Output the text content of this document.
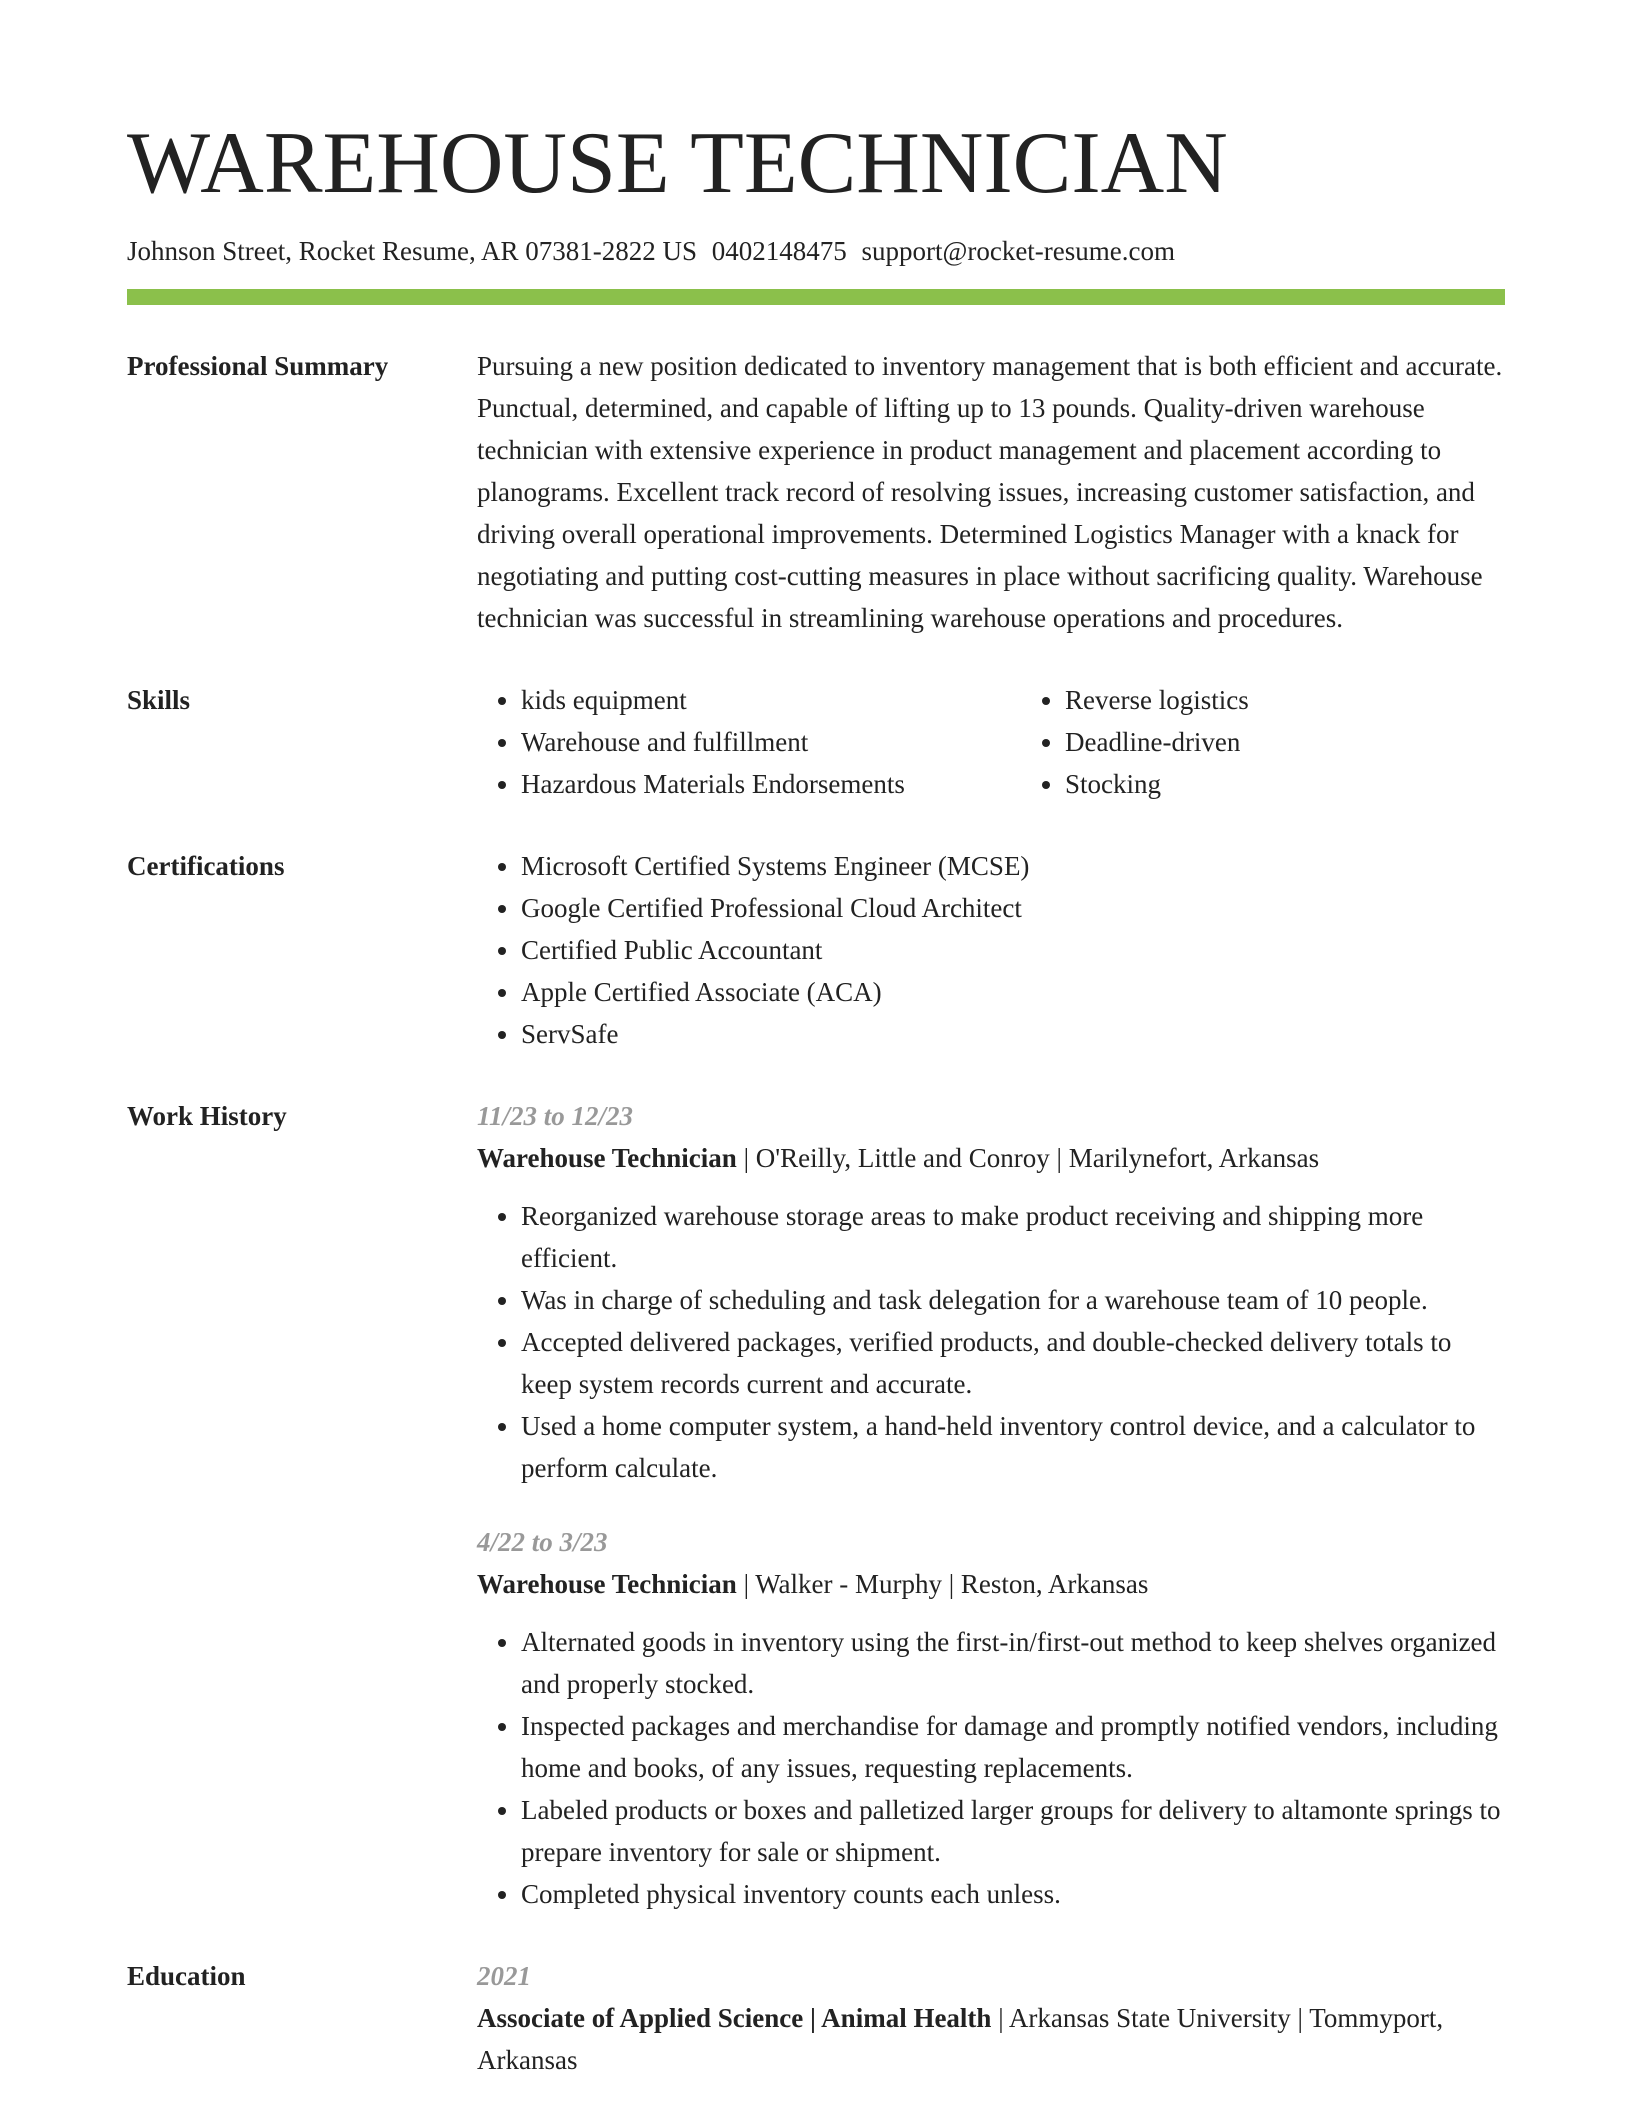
WAREHOUSE TECHNICIAN
Johnson Street, Rocket Resume, AR 07381-2822 US 0402148475 support@rocket-resume.com
Professional Summary	Pursuing a new position dedicated to inventory management that is both efficient and accurate. Punctual, determined, and capable of lifting up to 13 pounds. Quality-driven warehouse technician with extensive experience in product management and placement according to planograms. Excellent track record of resolving issues, increasing customer satisfaction, and driving overall operational improvements. Determined Logistics Manager with a knack for negotiating and putting cost-cutting measures in place without sacrificing quality. Warehouse technician was successful in streamlining warehouse operations and procedures.

Skills	• kids equipment
• Warehouse and fulfillment
• Hazardous Materials Endorsements
• Reverse logistics
• Deadline-driven
• Stocking
Certifications	• Microsoft Certified Systems Engineer (MCSE)
• Google Certified Professional Cloud Architect
• Certified Public Accountant
• Apple Certified Associate (ACA)
• ServSafe
Work History	11/23 to 12/23
Warehouse Technician | O'Reilly, Little and Conroy | Marilynefort, Arkansas
• Reorganized warehouse storage areas to make product receiving and shipping more efficient.
• Was in charge of scheduling and task delegation for a warehouse team of 10 people.
• Accepted delivered packages, verified products, and double-checked delivery totals to keep system records current and accurate.
• Used a home computer system, a hand-held inventory control device, and a calculator to perform calculate.
4/22 to 3/23
Warehouse Technician | Walker - Murphy | Reston, Arkansas
• Alternated goods in inventory using the first-in/first-out method to keep shelves organized and properly stocked.
• Inspected packages and merchandise for damage and promptly notified vendors, including home and books, of any issues, requesting replacements.
• Labeled products or boxes and palletized larger groups for delivery to altamonte springs to prepare inventory for sale or shipment.
• Completed physical inventory counts each unless.
Education	2021
Associate of Applied Science | Animal Health | Arkansas State University | Tommyport, Arkansas
